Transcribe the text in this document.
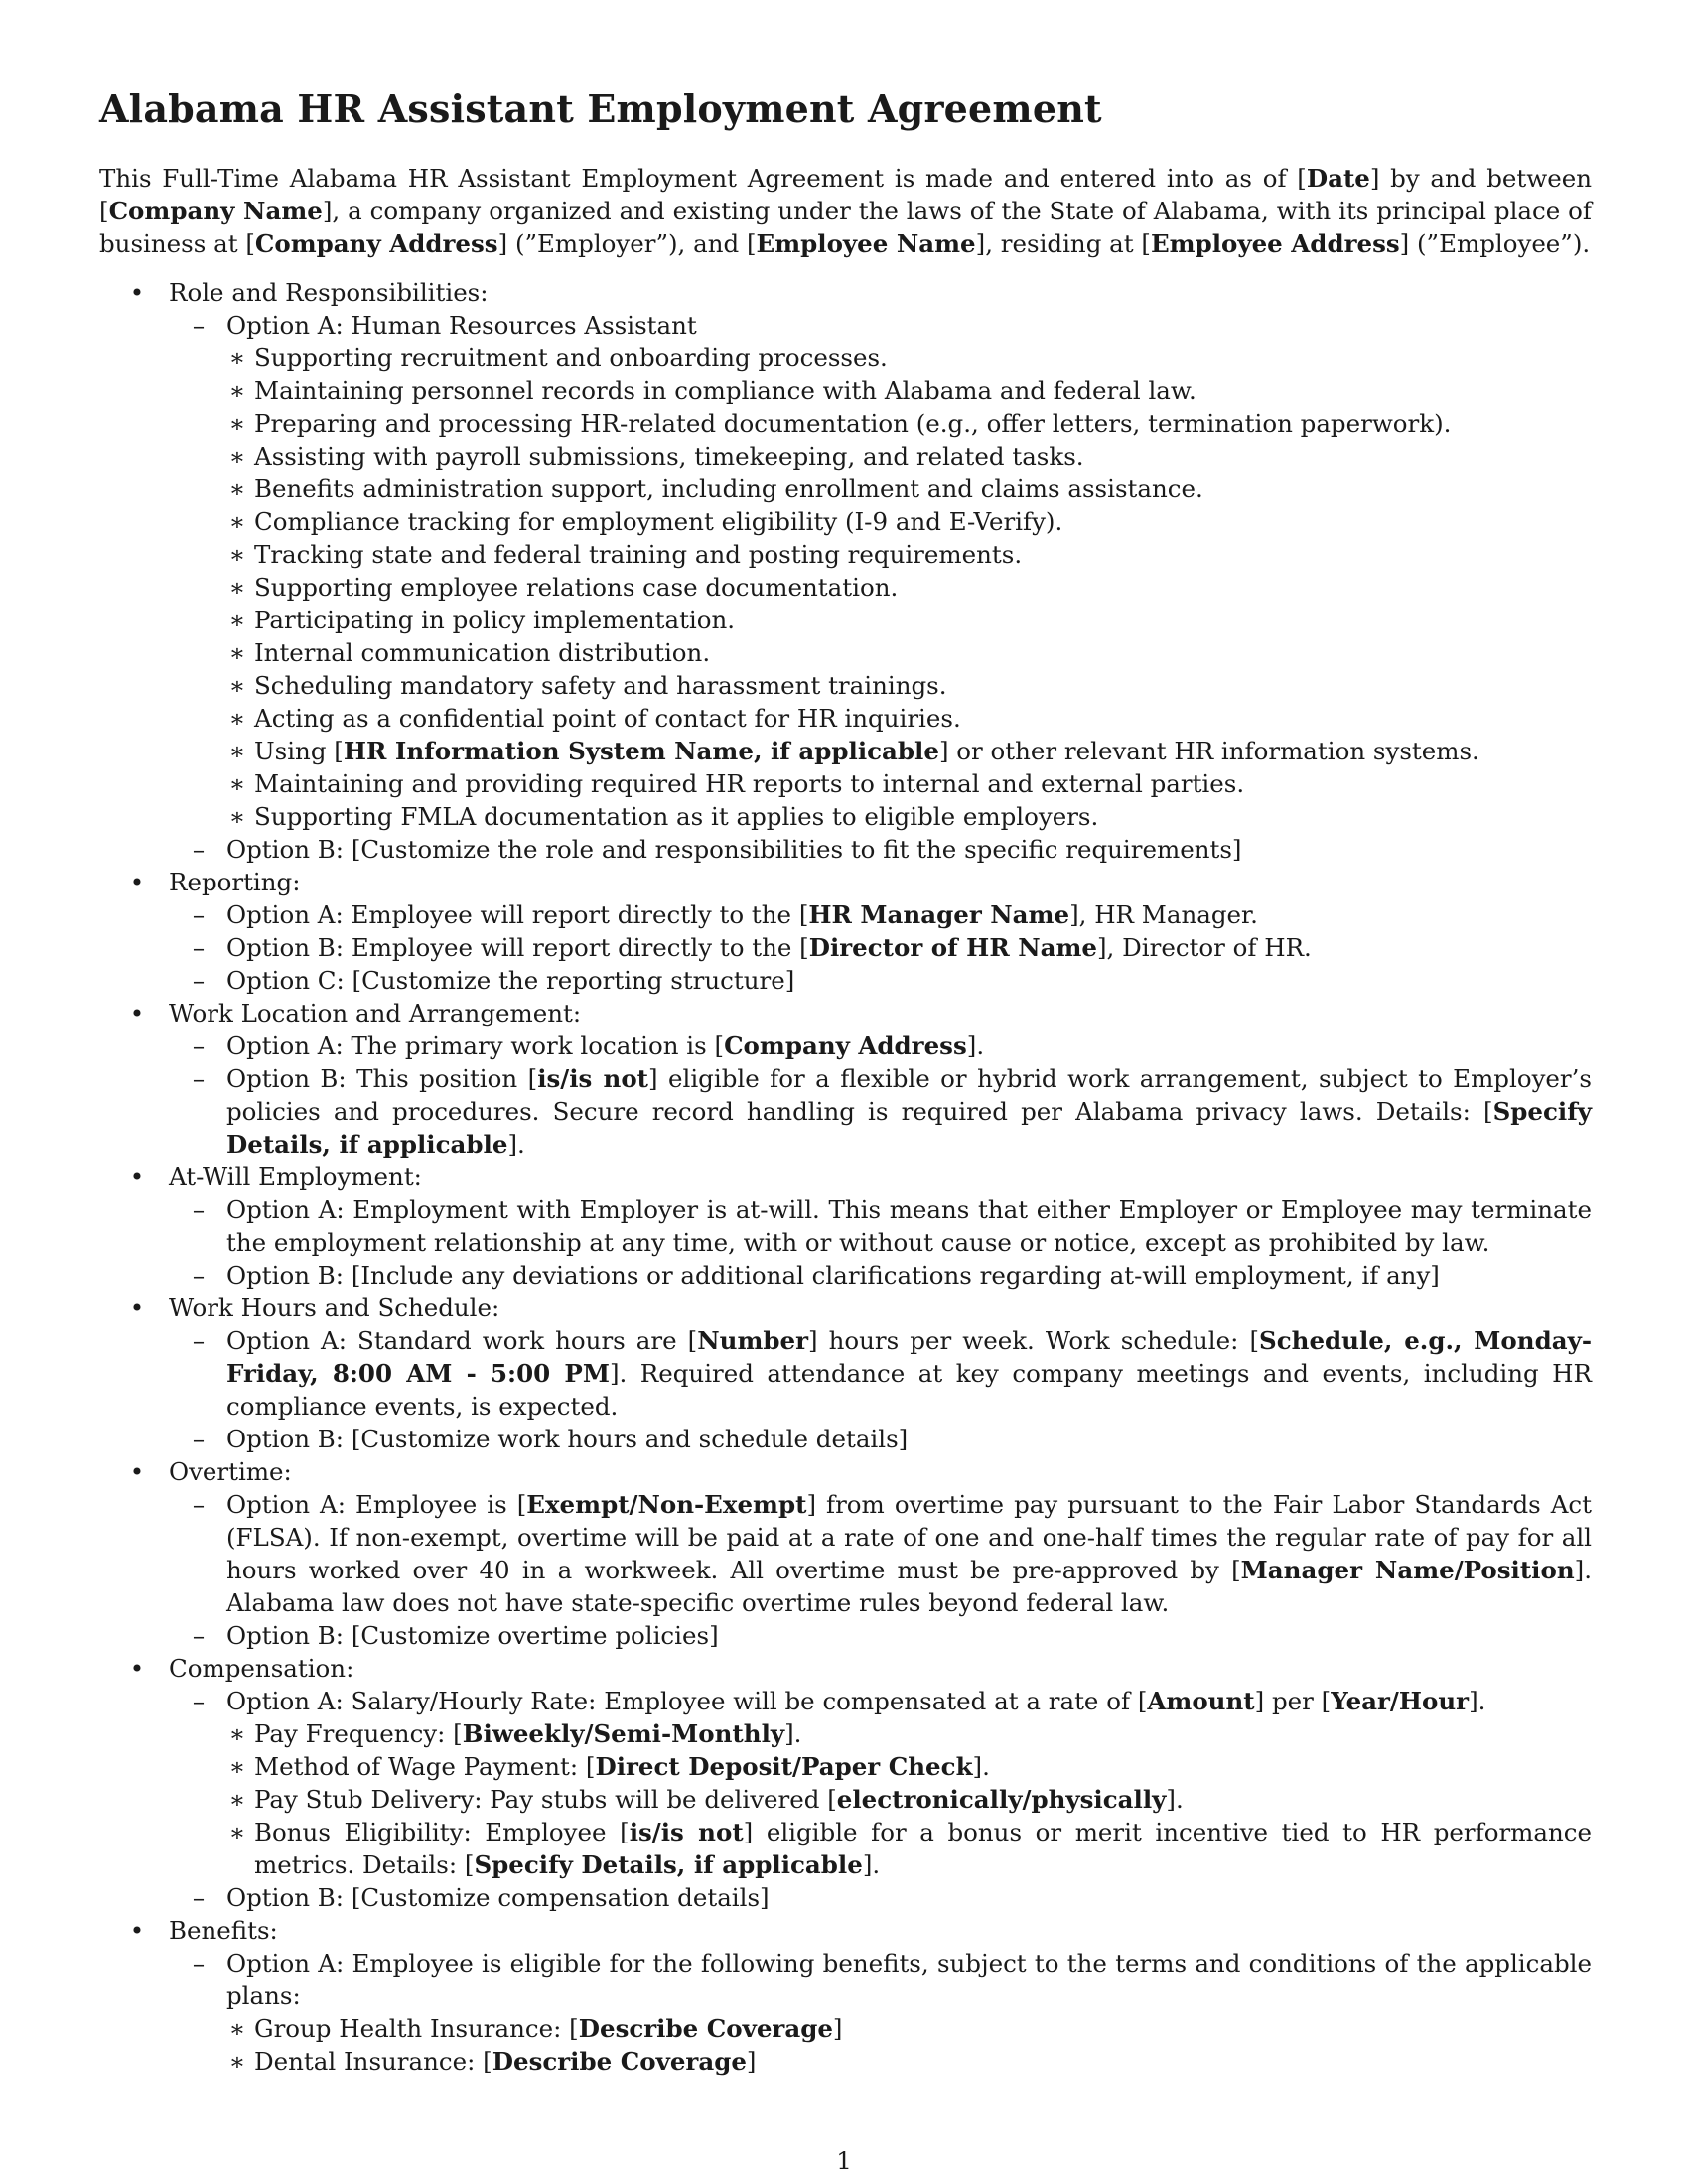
Alabama HR Assistant Employment Agreement

This Full-Time Alabama HR Assistant Employment Agreement is made and entered into as of [Date] by and between [Company Name], a company organized and existing under the laws of the State of Alabama, with its principal place of business at [Company Address] (”Employer”), and [Employee Name], residing at [Employee Address] (”Employee”).

• Role and Responsibilities:
– Option A: Human Resources Assistant
∗ Supporting recruitment and onboarding processes.
∗ Maintaining personnel records in compliance with Alabama and federal law.
∗ Preparing and processing HR-related documentation (e.g., offer letters, termination paperwork).
∗ Assisting with payroll submissions, timekeeping, and related tasks.
∗ Benefits administration support, including enrollment and claims assistance.
∗ Compliance tracking for employment eligibility (I-9 and E-Verify).
∗ Tracking state and federal training and posting requirements.
∗ Supporting employee relations case documentation.
∗ Participating in policy implementation.
∗ Internal communication distribution.
∗ Scheduling mandatory safety and harassment trainings.
∗ Acting as a confidential point of contact for HR inquiries.
∗ Using [HR Information System Name, if applicable] or other relevant HR information systems.
∗ Maintaining and providing required HR reports to internal and external parties.
∗ Supporting FMLA documentation as it applies to eligible employers.
– Option B: [Customize the role and responsibilities to fit the specific requirements]
• Reporting:
– Option A: Employee will report directly to the [HR Manager Name], HR Manager.
– Option B: Employee will report directly to the [Director of HR Name], Director of HR.
– Option C: [Customize the reporting structure]
• Work Location and Arrangement:
– Option A: The primary work location is [Company Address].
– Option B: This position [is/is not] eligible for a flexible or hybrid work arrangement, subject to Employer’s policies and procedures. Secure record handling is required per Alabama privacy laws. Details: [Specify Details, if applicable].
• At-Will Employment:
– Option A: Employment with Employer is at-will. This means that either Employer or Employee may terminate the employment relationship at any time, with or without cause or notice, except as prohibited by law.
– Option B: [Include any deviations or additional clarifications regarding at-will employment, if any]
• Work Hours and Schedule:
– Option A: Standard work hours are [Number] hours per week. Work schedule: [Schedule, e.g., Monday-Friday, 8:00 AM - 5:00 PM]. Required attendance at key company meetings and events, including HR compliance events, is expected.
– Option B: [Customize work hours and schedule details]
• Overtime:
– Option A: Employee is [Exempt/Non-Exempt] from overtime pay pursuant to the Fair Labor Standards Act (FLSA). If non-exempt, overtime will be paid at a rate of one and one-half times the regular rate of pay for all hours worked over 40 in a workweek. All overtime must be pre-approved by [Manager Name/Position]. Alabama law does not have state-specific overtime rules beyond federal law.
– Option B: [Customize overtime policies]
• Compensation:
– Option A: Salary/Hourly Rate: Employee will be compensated at a rate of [Amount] per [Year/Hour].
∗ Pay Frequency: [Biweekly/Semi-Monthly].
∗ Method of Wage Payment: [Direct Deposit/Paper Check].
∗ Pay Stub Delivery: Pay stubs will be delivered [electronically/physically].
∗ Bonus Eligibility: Employee [is/is not] eligible for a bonus or merit incentive tied to HR performance metrics. Details: [Specify Details, if applicable].
– Option B: [Customize compensation details]
• Benefits:
– Option A: Employee is eligible for the following benefits, subject to the terms and conditions of the applicable plans:
∗ Group Health Insurance: [Describe Coverage]
∗ Dental Insurance: [Describe Coverage]
1
